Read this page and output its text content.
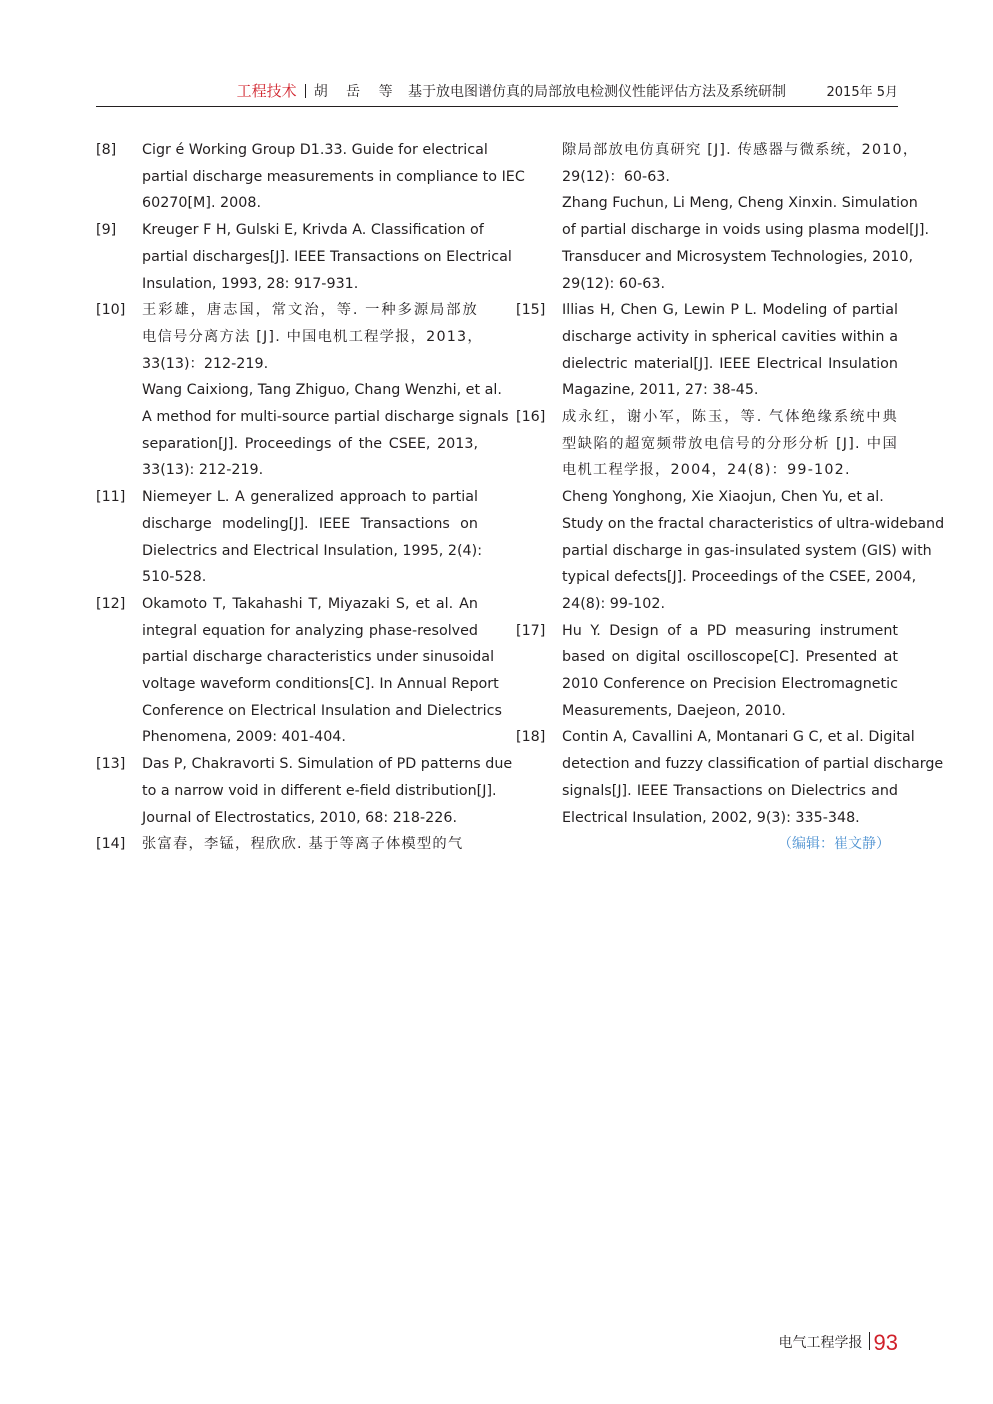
工程技术 胡 岳 等 基于放电图谱仿真的局部放电检测仪性能评估方法及系统研制	2015年 5月
[8] Cigr é Working Group D1.33. Guide for electrical
partial discharge measurements in compliance to IEC
60270[M]. 2008.
[9] Kreuger F H, Gulski E, Krivda A. Classification of
partial discharges[J]. IEEE Transactions on Electrical
Insulation, 1993, 28: 917-931.
[10] 王彩雄，唐志国，常文治，等. 一种多源局部放
电信号分离方法 [J]. 中国电机工程学报，2013，
33(13)：212-219.
Wang Caixiong, Tang Zhiguo, Chang Wenzhi, et al.
A method for multi-source partial discharge signals
separation[J]. Proceedings of the CSEE, 2013,
33(13): 212-219.
[11] Niemeyer L. A generalized approach to partial
discharge modeling[J]. IEEE Transactions on
Dielectrics and Electrical Insulation, 1995, 2(4):
510-528.
[12] Okamoto T, Takahashi T, Miyazaki S, et al. An
integral equation for analyzing phase-resolved
partial discharge characteristics under sinusoidal
voltage waveform conditions[C]. In Annual Report
Conference on Electrical Insulation and Dielectrics
Phenomena, 2009: 401-404.
[13] Das P, Chakravorti S. Simulation of PD patterns due
to a narrow void in different e-field distribution[J].
Journal of Electrostatics, 2010, 68: 218-226.
[14] 张富春，李锰，程欣欣. 基于等离子体模型的气
隙局部放电仿真研究 [J]. 传感器与微系统，2010，
29(12)：60-63.
Zhang Fuchun, Li Meng, Cheng Xinxin. Simulation
of partial discharge in voids using plasma model[J].
Transducer and Microsystem Technologies, 2010,
29(12): 60-63.
[15] Illias H, Chen G, Lewin P L. Modeling of partial
discharge activity in spherical cavities within a
dielectric material[J]. IEEE Electrical Insulation
Magazine, 2011, 27: 38-45.
[16] 成永红，谢小军，陈玉，等. 气体绝缘系统中典
型缺陷的超宽频带放电信号的分形分析 [J]. 中国
电机工程学报，2004，24(8)：99-102.
Cheng Yonghong, Xie Xiaojun, Chen Yu, et al.
Study on the fractal characteristics of ultra-wideband
partial discharge in gas-insulated system (GIS) with
typical defects[J]. Proceedings of the CSEE, 2004,
24(8): 99-102.
[17] Hu Y. Design of a PD measuring instrument
based on digital oscilloscope[C]. Presented at
2010 Conference on Precision Electromagnetic
Measurements, Daejeon, 2010.
[18] Contin A, Cavallini A, Montanari G C, et al. Digital
detection and fuzzy classification of partial discharge
signals[J]. IEEE Transactions on Dielectrics and
Electrical Insulation, 2002, 9(3): 335-348.
（编辑：崔文静）
电气工程学报 93
